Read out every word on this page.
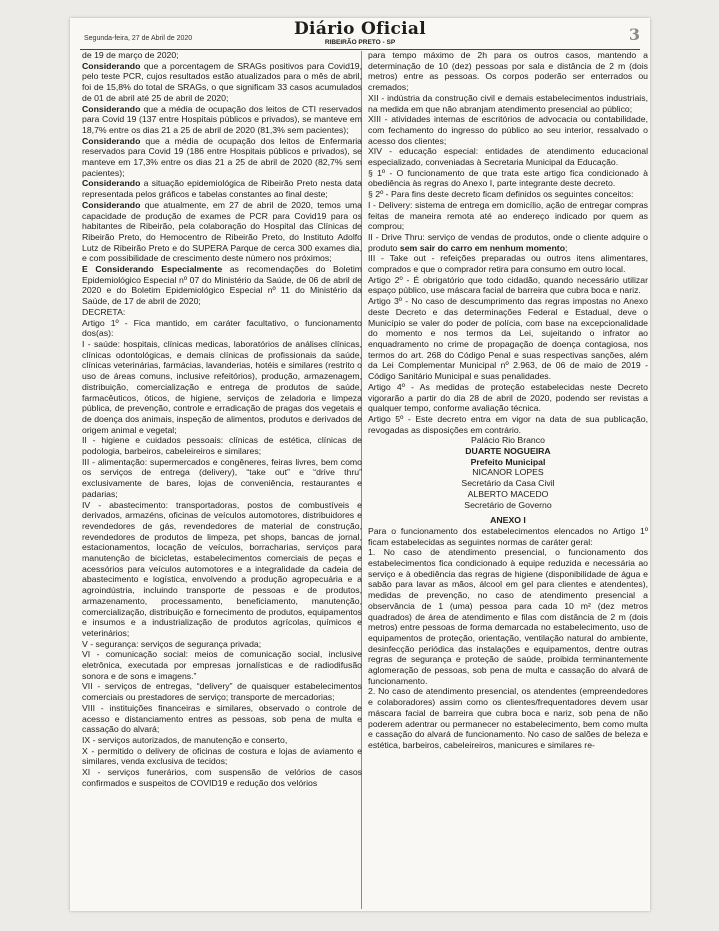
Segunda-feira, 27 de Abril de 2020	Diário Oficial
RIBEIRÃO PRETO - SP	3

de 19 de março de 2020;

Considerando que a porcentagem de SRAGs positivos para Covid19, pelo teste PCR, cujos resultados estão atualizados para o mês de abril, foi de 15,8% do total de SRAGs, o que significam 33 casos acumulados de 01 de abril até 25 de abril de 2020;

Considerando que a média de ocupação dos leitos de CTI reservados para Covid 19 (137 entre Hospitais públicos e privados), se manteve em 18,7% entre os dias 21 a 25 de abril de 2020 (81,3% sem pacientes);

Considerando que a média de ocupação dos leitos de Enfermaria reservados para Covid 19 (186 entre Hospitais públicos e privados), se manteve em 17,3% entre os dias 21 a 25 de abril de 2020 (82,7% sem pacientes);

Considerando a situação epidemiológica de Ribeirão Preto nesta data representada pelos gráficos e tabelas constantes ao final deste;

Considerando que atualmente, em 27 de abril de 2020, temos uma capacidade de produção de exames de PCR para Covid19 para os habitantes de Ribeirão, pela colaboração do Hospital das Clínicas de Ribeirão Preto, do Hemocentro de Ribeirão Preto, do Instituto Adolfo Lutz de Ribeirão Preto e do SUPERA Parque de cerca 300 exames dia, e com possibilidade de crescimento deste número nos próximos;

E Considerando Especialmente as recomendações do Boletim Epidemiológico Especial nº 07 do Ministério da Saúde, de 06 de abril de 2020 e do Boletim Epidemiológico Especial nº 11 do Ministério da Saúde, de 17 de abril de 2020;

DECRETA:

Artigo 1º - Fica mantido, em caráter facultativo, o funcionamento dos(as):

I - saúde: hospitais, clínicas medicas, laboratórios de análises clínicas, clínicas odontológicas, e demais clínicas de profissionais da saúde, clínicas veterinárias, farmácias, lavanderias, hotéis e similares (restrito o uso de áreas comuns, inclusive refeitórios), produção, armazenagem, distribuição, comercialização e entrega de produtos de saúde, farmacêuticos, óticos, de higiene, serviços de zeladoria e limpeza pública, de prevenção, controle e erradicação de pragas dos vegetais e de doença dos animais, inspeção de alimentos, produtos e derivados de origem animal e vegetal;

II - higiene e cuidados pessoais: clínicas de estética, clínicas de podologia, barbeiros, cabeleireiros e similares;

III - alimentação: supermercados e congêneres, feiras livres, bem como os serviços de entrega (delivery), “take out” e “drive thru” exclusivamente de bares, lojas de conveniência, restaurantes e padarias;

IV - abastecimento: transportadoras, postos de combustíveis e derivados, armazéns, oficinas de veículos automotores, distribuidores e revendedores de gás, revendedores de material de construção, revendedores de produtos de limpeza, pet shops, bancas de jornal, estacionamentos, locação de veículos, borracharias, serviços para manutenção de bicicletas, estabelecimentos comerciais de peças e acessórios para veículos automotores e a integralidade da cadeia de abastecimento e logística, envolvendo a produção agropecuária e a agroindústria, incluindo transporte de pessoas e de produtos, armazenamento, processamento, beneficiamento, manutenção, comercialização, distribuição e fornecimento de produtos, equipamentos e insumos e a industrialização de produtos agrícolas, químicos e veterinários;

V - segurança: serviços de segurança privada;

VI - comunicação social: meios de comunicação social, inclusive eletrônica, executada por empresas jornalísticas e de radiodifusão sonora e de sons e imagens.”

VII - serviços de entregas, “delivery” de quaisquer estabelecimentos comerciais ou prestadores de serviço; transporte de mercadorias;

VIII - instituições financeiras e similares, observado o controle de acesso e distanciamento entres as pessoas, sob pena de multa e cassação do alvará;

IX - serviços autorizados, de manutenção e conserto,

X - permitido o delivery de oficinas de costura e lojas de aviamento e similares, venda exclusiva de tecidos;

XI - serviços funerários, com suspensão de velórios de casos confirmados e suspeitos de COVID19 e redução dos velórios

para tempo máximo de 2h para os outros casos, mantendo a determinação de 10 (dez) pessoas por sala e distância de 2 m (dois metros) entre as pessoas. Os corpos poderão ser enterrados ou cremados;

XII - indústria da construção civil e demais estabelecimentos industriais, na medida em que não abranjam atendimento presencial ao público;

XIII - atividades internas de escritórios de advocacia ou contabilidade, com fechamento do ingresso do público ao seu interior, ressalvado o acesso dos clientes;

XIV - educação especial: entidades de atendimento educacional especializado, conveniadas à Secretaria Municipal da Educação.

§ 1º - O funcionamento de que trata este artigo fica condicionado à obediência às regras do Anexo I, parte integrante deste decreto.

§ 2º - Para fins deste decreto ficam definidos os seguintes conceitos:

I - Delivery: sistema de entrega em domicílio, ação de entregar compras feitas de maneira remota até ao endereço indicado por quem as comprou;

II - Drive Thru: serviço de vendas de produtos, onde o cliente adquire o produto sem sair do carro em nenhum momento;

III - Take out - refeições preparadas ou outros itens alimentares, comprados e que o comprador retira para consumo em outro local.

Artigo 2º - É obrigatório que todo cidadão, quando necessário utilizar espaço público, use máscara facial de barreira que cubra boca e nariz.

Artigo 3º - No caso de descumprimento das regras impostas no Anexo deste Decreto e das determinações Federal e Estadual, deve o Município se valer do poder de polícia, com base na excepcionalidade do momento e nos termos da Lei, sujeitando o infrator ao enquadramento no crime de propagação de doença contagiosa, nos termos do art. 268 do Código Penal e suas respectivas sanções, além da Lei Complementar Municipal nº 2.963, de 06 de maio de 2019 - Código Sanitário Municipal e suas penalidades.

Artigo 4º - As medidas de proteção estabelecidas neste Decreto vigorarão a partir do dia 28 de abril de 2020, podendo ser revistas a qualquer tempo, conforme avaliação técnica.

Artigo 5º - Este decreto entra em vigor na data de sua publicação, revogadas as disposições em contrário.

Palácio Rio Branco

DUARTE NOGUEIRA

Prefeito Municipal

NICANOR LOPES

Secretário da Casa Civil

ALBERTO MACEDO

Secretário de Governo

ANEXO I

Para o funcionamento dos estabelecimentos elencados no Artigo 1º ficam estabelecidas as seguintes normas de caráter geral:

1. No caso de atendimento presencial, o funcionamento dos estabelecimentos fica condicionado à equipe reduzida e necessária ao serviço e à obediência das regras de higiene (disponibilidade de água e sabão para lavar as mãos, álcool em gel para clientes e atendentes), medidas de prevenção, no caso de atendimento presencial a observância de 1 (uma) pessoa para cada 10 m² (dez metros quadrados) de área de atendimento e filas com distância de 2 m (dois metros) entre pessoas de forma demarcada no estabelecimento, uso de equipamentos de proteção, orientação, ventilação natural do ambiente, desinfecção periódica das instalações e equipamentos, dentre outras regras de segurança e proteção de saúde, proibida terminantemente aglomeração de pessoas, sob pena de multa e cassação do alvará de funcionamento.

2. No caso de atendimento presencial, os atendentes (empreendedores e colaboradores) assim como os clientes/frequentadores devem usar máscara facial de barreira que cubra boca e nariz, sob pena de não poderem adentrar ou permanecer no estabelecimento, bem como multa e cassação do alvará de funcionamento. No caso de salões de beleza e estética, barbeiros, cabeleireiros, manicures e similares re-
